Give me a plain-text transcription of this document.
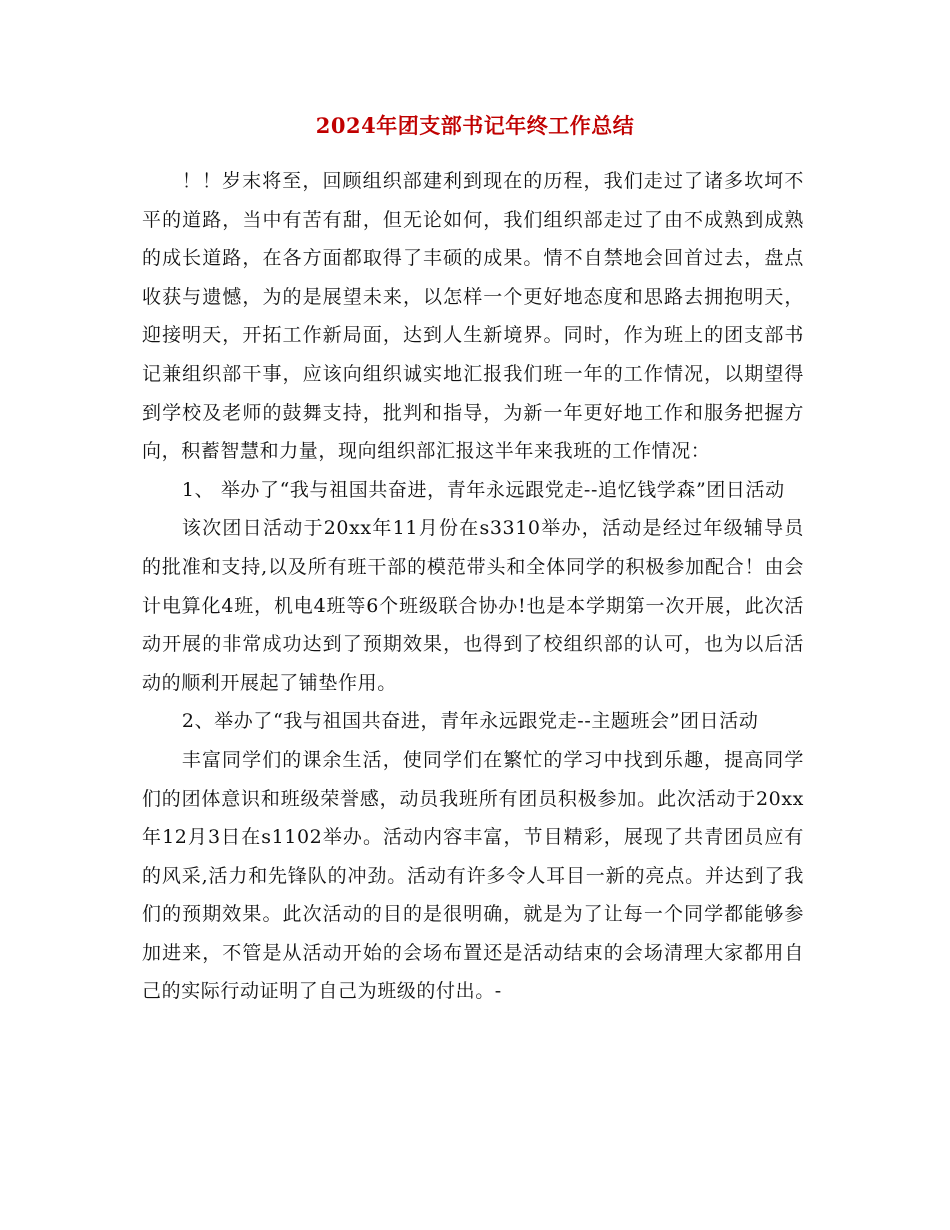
2024年团支部书记年终工作总结

！！岁末将至，回顾组织部建利到现在的历程，我们走过了诸多坎坷不平的道路，当中有苦有甜，但无论如何，我们组织部走过了由不成熟到成熟的成长道路，在各方面都取得了丰硕的成果。情不自禁地会回首过去，盘点收获与遗憾，为的是展望未来，以怎样一个更好地态度和思路去拥抱明天，迎接明天，开拓工作新局面，达到人生新境界。同时，作为班上的团支部书记兼组织部干事，应该向组织诚实地汇报我们班一年的工作情况，以期望得到学校及老师的鼓舞支持，批判和指导，为新一年更好地工作和服务把握方向，积蓄智慧和力量，现向组织部汇报这半年来我班的工作情况：

1、 举办了“我与祖国共奋进，青年永远跟党走--追忆钱学森”团日活动

该次团日活动于20xx年11月份在s3310举办，活动是经过年级辅导员的批准和支持,以及所有班干部的模范带头和全体同学的积极参加配合！由会计电算化4班，机电4班等6个班级联合协办!也是本学期第一次开展，此次活动开展的非常成功达到了预期效果，也得到了校组织部的认可，也为以后活动的顺利开展起了铺垫作用。

2、举办了“我与祖国共奋进，青年永远跟党走--主题班会”团日活动

丰富同学们的课余生活，使同学们在繁忙的学习中找到乐趣，提高同学们的团体意识和班级荣誉感，动员我班所有团员积极参加。此次活动于20xx年12月3日在s1102举办。活动内容丰富，节目精彩，展现了共青团员应有的风采,活力和先锋队的冲劲。活动有许多令人耳目一新的亮点。并达到了我们的预期效果。此次活动的目的是很明确，就是为了让每一个同学都能够参加进来，不管是从活动开始的会场布置还是活动结束的会场清理大家都用自己的实际行动证明了自己为班级的付出。-
